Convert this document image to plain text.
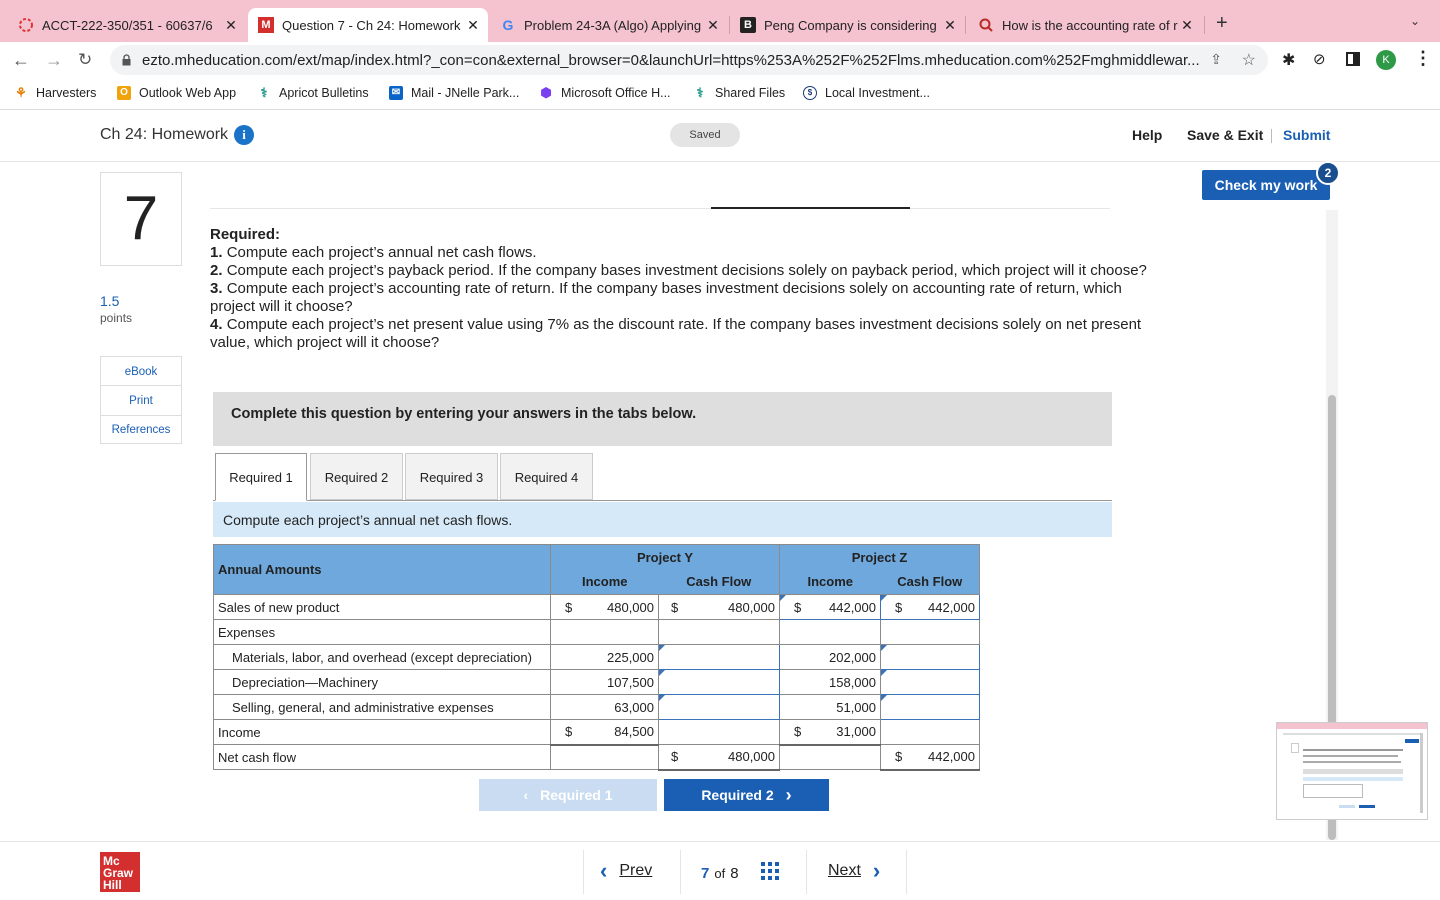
ACCT-222-350/351 - 60637/6 ✕	M Question 7 - Ch 24: Homework ✕ G Problem 24-3A (Algo) Applying ✕	B Peng Company is considering ✕	How is the accounting rate of r ✕ +	⌄
← → ↻	ezto.mheducation.com/ext/map/index.html?_con=con&external_browser=0&launchUrl=https%253A%252F%252Flms.mheducation.com%252Fmghmiddlewar... ⇪ ☆ ✱ ⊘	K	⋮
⚘ Harvesters	O Outlook Web App ⚕ Apricot Bulletins ✉ Mail - JNelle Park... ⬢ Microsoft Office H... ⚕ Shared Files	$	Local Investment...
Ch 24: Homework	i	Saved	Help Save & Exit Submit
Check my work
2
7
1.5
points
eBook
Print
References
Required:
1. Compute each project’s annual net cash flows.
2. Compute each project’s payback period. If the company bases investment decisions solely on payback period, which project will it choose?
3. Compute each project’s accounting rate of return. If the company bases investment decisions solely on accounting rate of return, which project will it choose?
4. Compute each project’s net present value using 7% as the discount rate. If the company bases investment decisions solely on net present value, which project will it choose?
Complete this question by entering your answers in the tabs below.
Required 1	Required 2	Required 3	Required 4
Compute each project’s annual net cash flows.
Annual Amounts	Project Y		Project Z	
	Income	Cash Flow	Income	Cash Flow
Sales of new product	$ 480,000	$ 480,000	$ 442,000	$ 442,000
Expenses				
Materials, labor, and overhead (except depreciation)	225,000		202,000	
Depreciation—Machinery	107,500		158,000	
Selling, general, and administrative expenses	63,000		51,000	
Income	$ 84,500		$ 31,000	
Net cash flow		$ 480,000		$ 442,000
‹ Required 1	Required 2 ›
Mc
Graw
Hill
‹ Prev	7 of 8	Next ›
